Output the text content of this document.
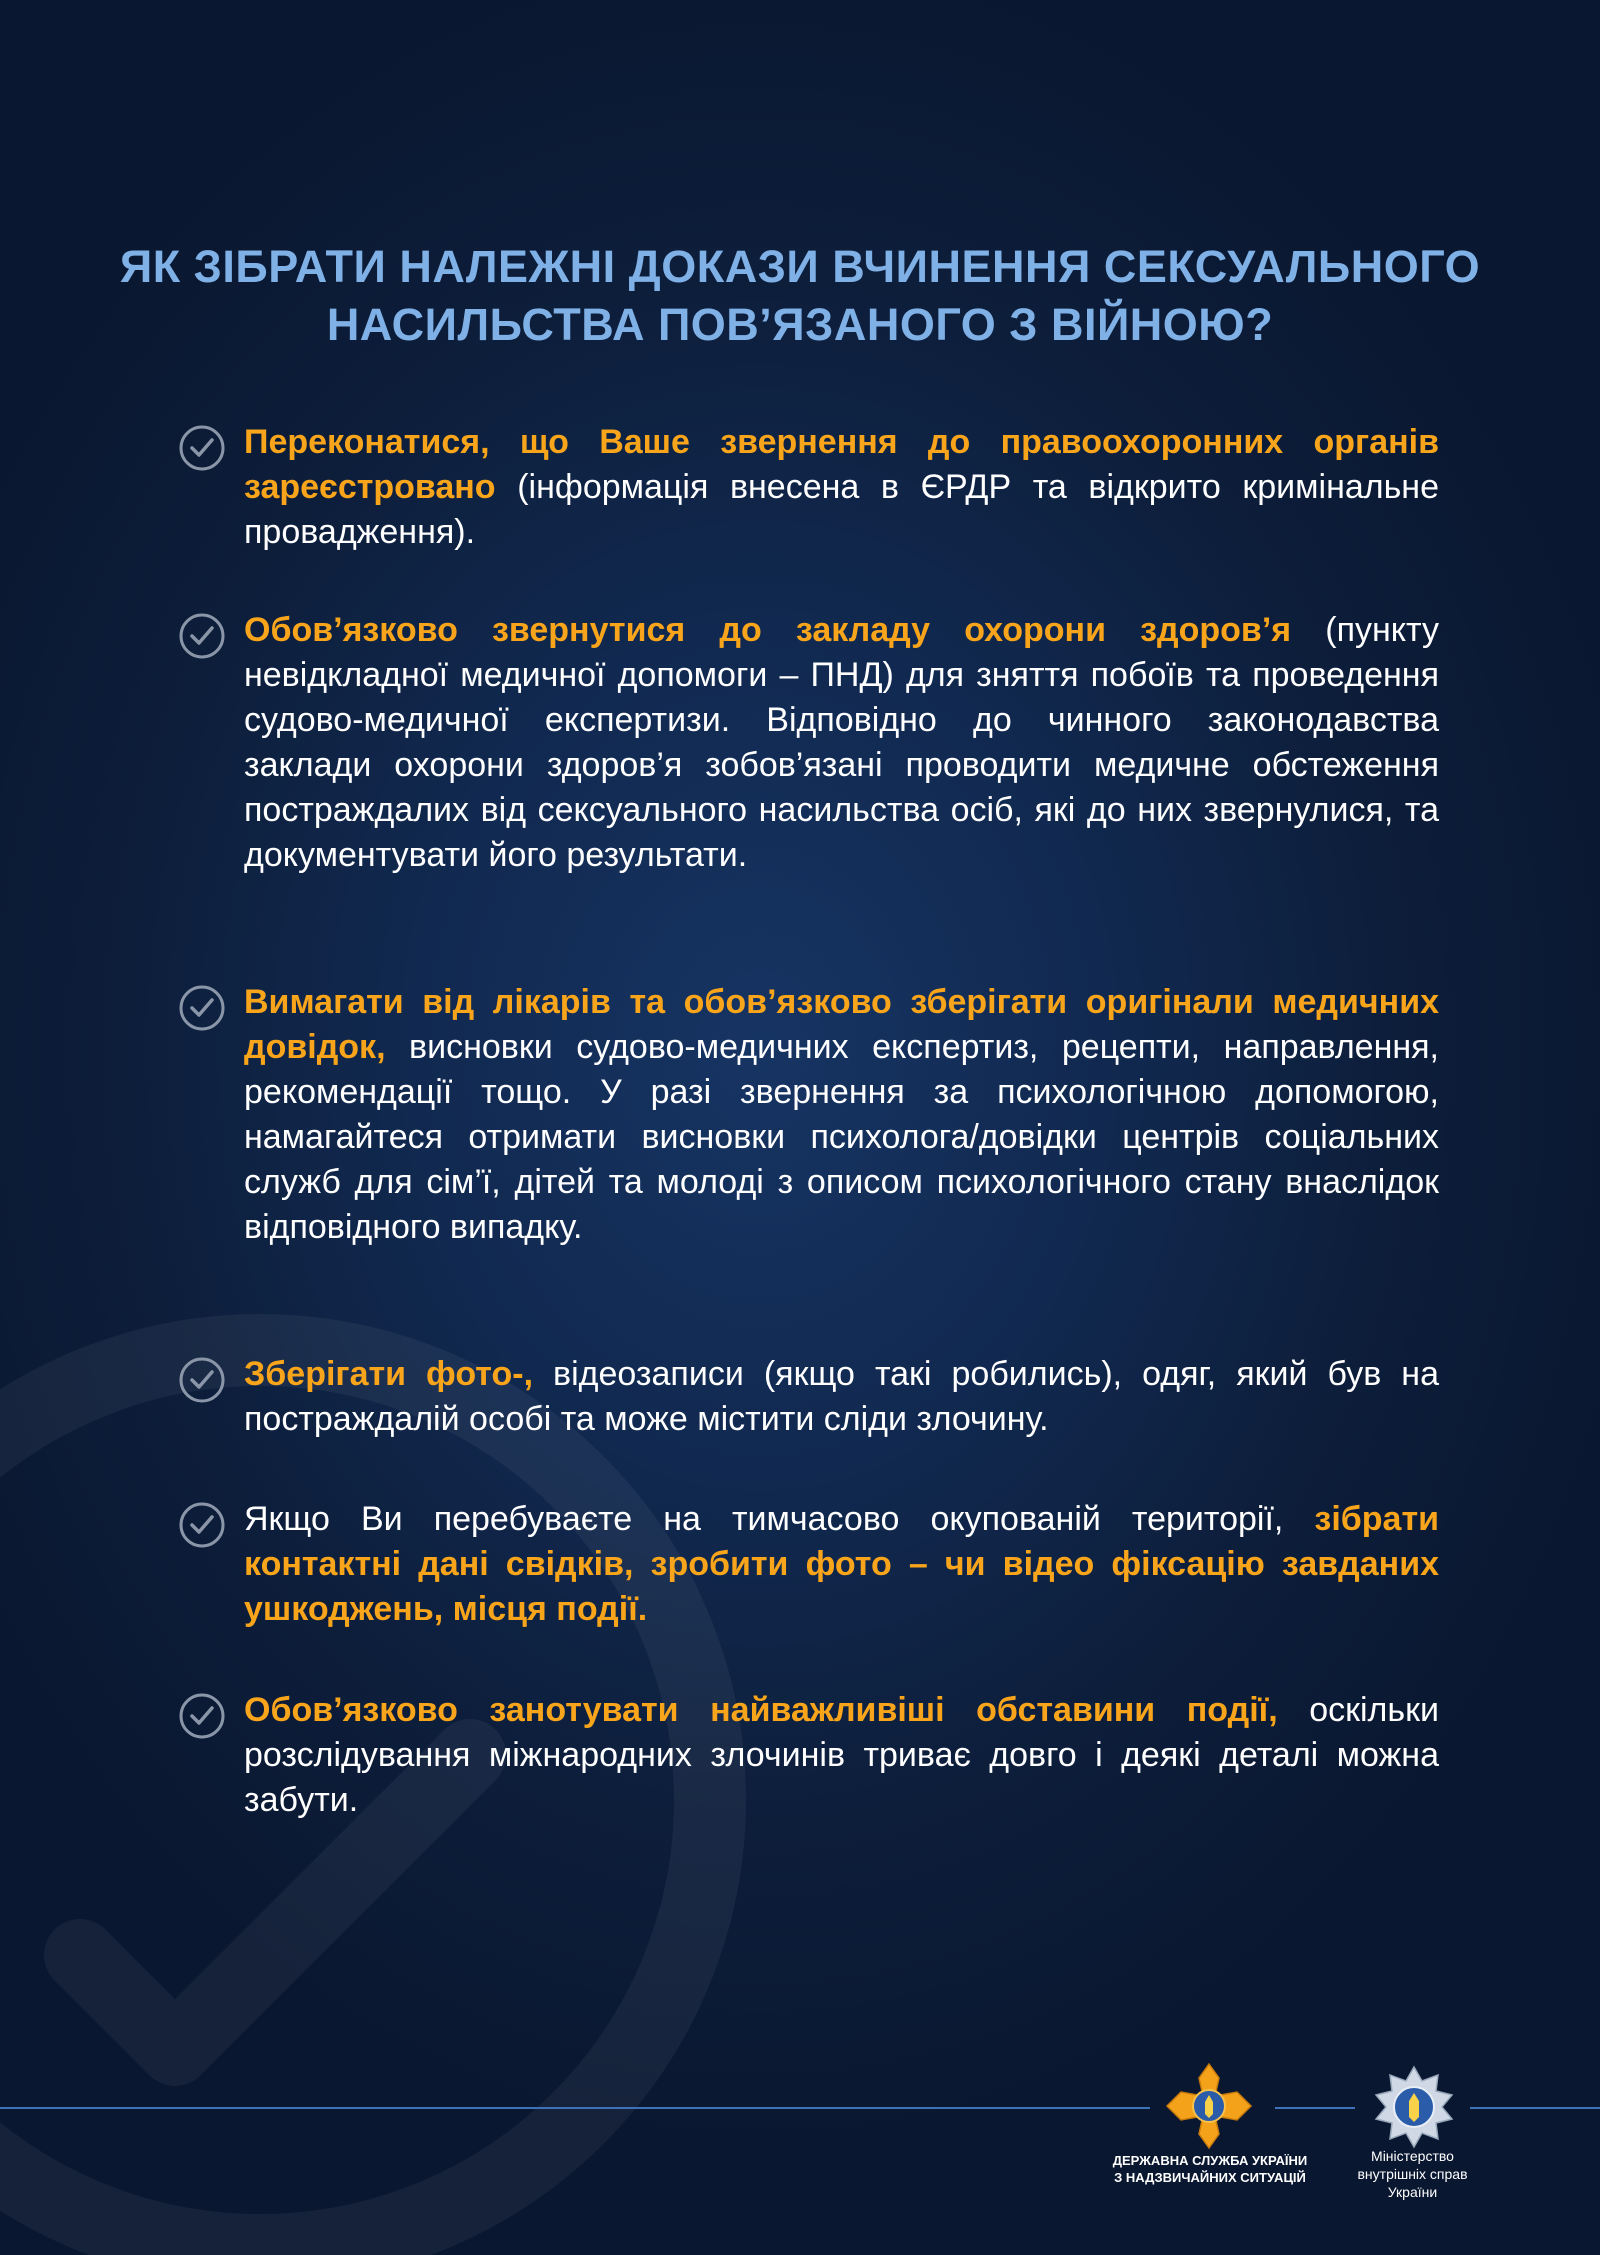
ЯК ЗІБРАТИ НАЛЕЖНІ ДОКАЗИ ВЧИНЕННЯ СЕКСУАЛЬНОГО
НАСИЛЬСТВА ПОВ’ЯЗАНОГО З ВІЙНОЮ?

Переконатися, що Ваше звернення до правоохоронних органів зареєстровано (інформація внесена в ЄРДР та відкрито кримінальне провадження).

Обов’язково звернутися до закладу охорони здоров’я (пункту невідкладної медичної допомоги – ПНД) для зняття побоїв та проведення судово-медичної експертизи. Відповідно до чинного законодавства заклади охорони здоров’я зобов’язані проводити медичне обстеження постраждалих від сексуального насильства осіб, які до них звернулися, та документувати його результати.

Вимагати від лікарів та обов’язково зберігати оригінали медичних довідок, висновки судово-медичних експертиз, рецепти, направлення, рекомендації тощо. У разі звернення за психологічною допомогою, намагайтеся отримати висновки психолога/довідки центрів соціальних служб для сім’ї, дітей та молоді з описом психологічного стану внаслідок відповідного випадку.

Зберігати фото-, відеозаписи (якщо такі робились), одяг, який був на постраждалій особі та може містити сліди злочину.

Якщо Ви перебуваєте на тимчасово окупованій території, зібрати контактні дані свідків, зробити фото – чи відео фіксацію завданих ушкоджень, місця події.

Обов’язково занотувати найважливіші обставини події, оскільки розслідування міжнародних злочинів триває довго і деякі деталі можна забути.

ДЕРЖАВНА СЛУЖБА УКРАЇНИ
З НАДЗВИЧАЙНИХ СИТУАЦІЙ
Міністерство
внутрішніх справ
України
